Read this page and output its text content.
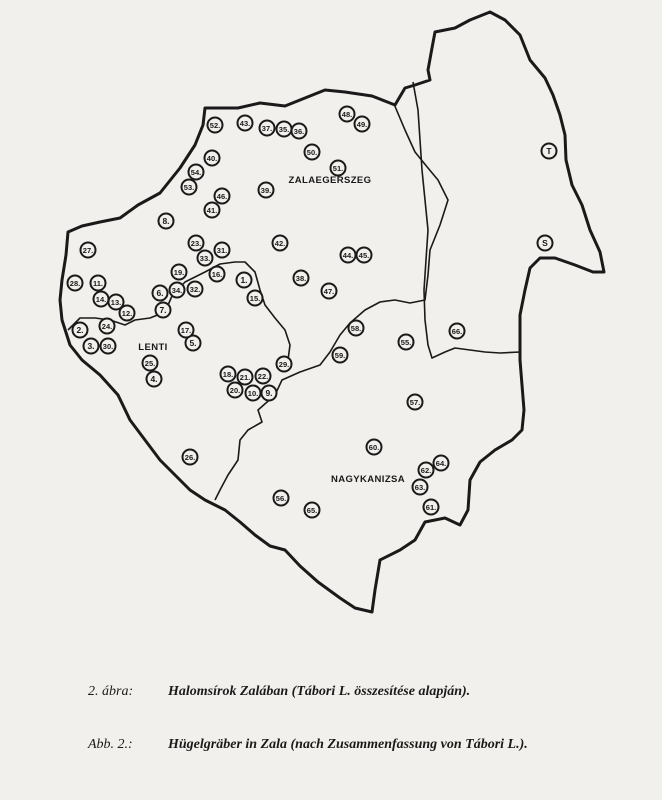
ZALAEGERSZEG
LENTI
NAGYKANIZSA
1.
2.
3.
4.
5.
6.
7.
8.
9.
10.
11.
12.
13.
14.	15.
16.
17.
18.
19.
20.
21. 22.
23.
24.
25.
26.
27.
28.
29.
30.
31.
32.
33.
34.
35. 36.
37.
38.
39.
40.
41.
42.
43.
44. 45.
46.
47.
48.
49.
50.
51.
52.
53.
54.
55.
56.
57.
58.
59.
60.
61.
62.
63.
64.
65.
66.
S
T
2. ábra: Halomsírok Zalában (Tábori L. összesítése alapján).
Abb. 2.:	Hügelgräber in Zala (nach Zusammenfassung von Tábori L.).
